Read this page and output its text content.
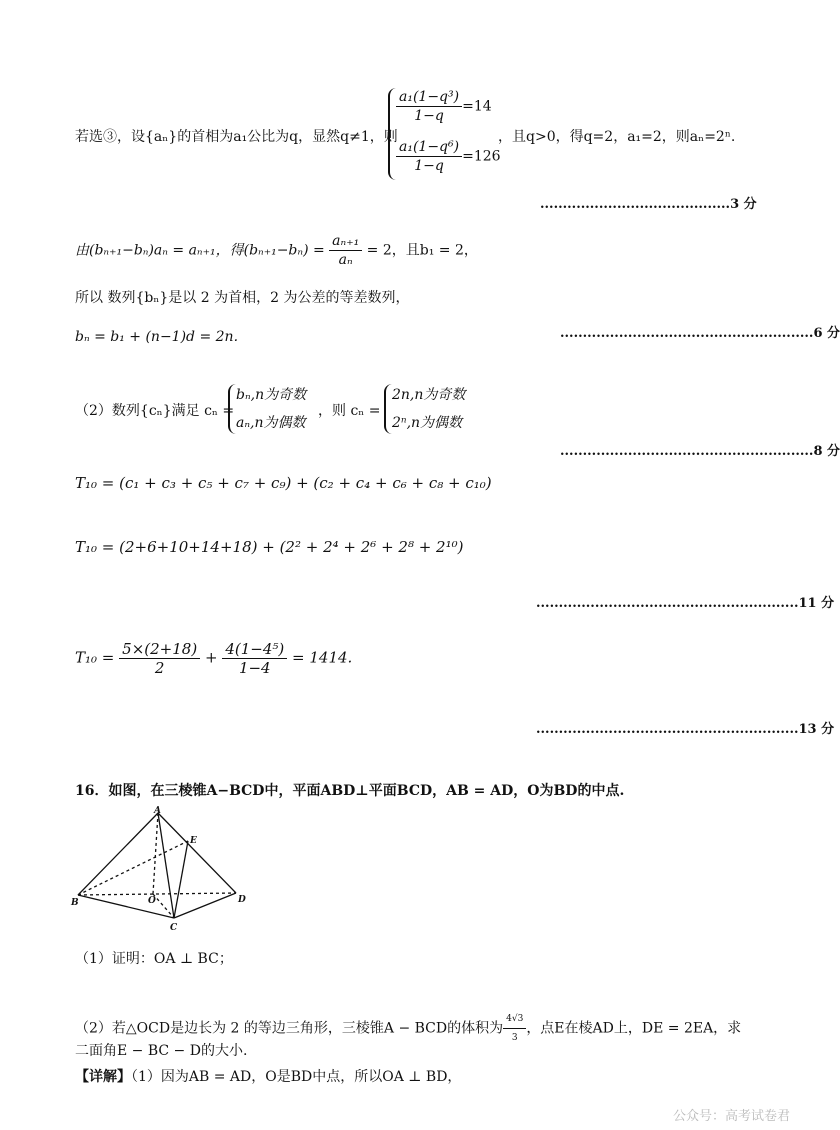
若选③，设{aₙ}的首相为a₁公比为q，显然q≠1，则
$\frac{\text{a₁(1−q³)}}{1-q} =14$
$\frac{\text{a₁(1−q⁶)}}{1-q} =126$
，且q>0，得q=2，a₁=2，则aₙ=2ⁿ.
..........................................3 分
由(bₙ₊₁−bₙ)aₙ = aₙ₊₁，得$(b_{n+1}-b_n) = \frac{\text{aₙ₊₁}}{\text{aₙ}} = 2$，且b₁ = 2，
所以 数列{bₙ}是以 2 为首相，2 为公差的等差数列，
bₙ = b₁ + (n−1)d = 2n.	........................................................6 分
（2）数列{cₙ}满足 cₙ =
bₙ,n为奇数
aₙ,n为偶数
，则 cₙ =
2n,n为奇数
2ⁿ,n为偶数
........................................................8 分
T₁₀ = (c₁ + c₃ + c₅ + c₇ + c₉) + (c₂ + c₄ + c₆ + c₈ + c₁₀)
T₁₀ = (2+6+10+14+18) + (2² + 2⁴ + 2⁶ + 2⁸ + 2¹⁰)
..........................................................11 分
$T_{10} = \frac{5\times(2+18)}{2} + \frac{\text{4(1−4⁵)}}{1-4} = 1414$.
..........................................................13 分
16．如图，在三棱锥A−BCD中，平面ABD⊥平面BCD，AB = AD，O为BD的中点.
A
B
C
D
E
O
（1）证明：OA ⊥ BC；
（2）若△OCD是边长为 2 的等边三角形，三棱锥A − BCD的体积为 $\frac{4√3}{3}$ ，点E在棱AD上，DE = 2EA，求
二面角E − BC − D的大小.
【详解】（1）因为AB = AD，O是BD中点，所以OA ⊥ BD，
公众号：高考试卷君
